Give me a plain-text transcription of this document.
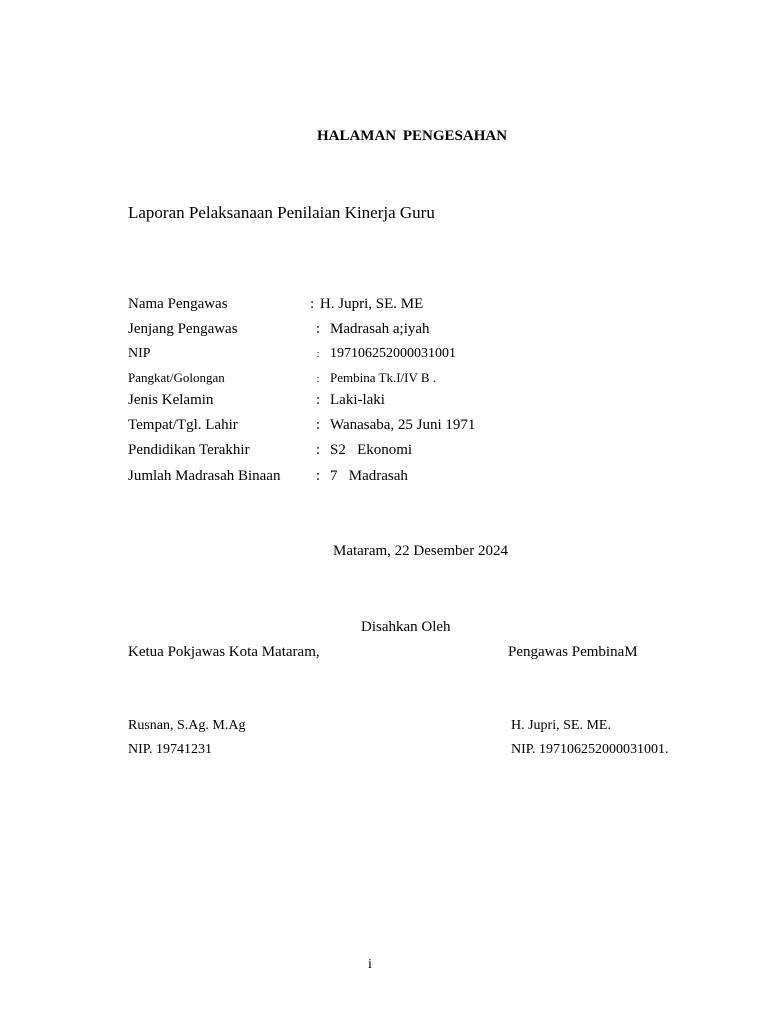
HALAMAN PENGESAHAN
Laporan Pelaksanaan Penilaian Kinerja Guru
Nama Pengawas	: H. Jupri, SE. ME
Jenjang Pengawas	: Madrasah a;iyah
NIP	: 197106252000031001
Pangkat/Golongan	: Pembina Tk.I/IV B .
Jenis Kelamin	: Laki-laki
Tempat/Tgl. Lahir	: Wanasaba, 25 Juni 1971
Pendidikan Terakhir	: S2   Ekonomi
Jumlah Madrasah Binaan	: 7   Madrasah
Mataram, 22 Desember 2024
Disahkan Oleh
Ketua Pokjawas Kota Mataram,	Pengawas PembinaM
Rusnan, S.Ag. M.Ag
NIP. 19741231
H. Jupri, SE. ME.
NIP. 197106252000031001.
i
